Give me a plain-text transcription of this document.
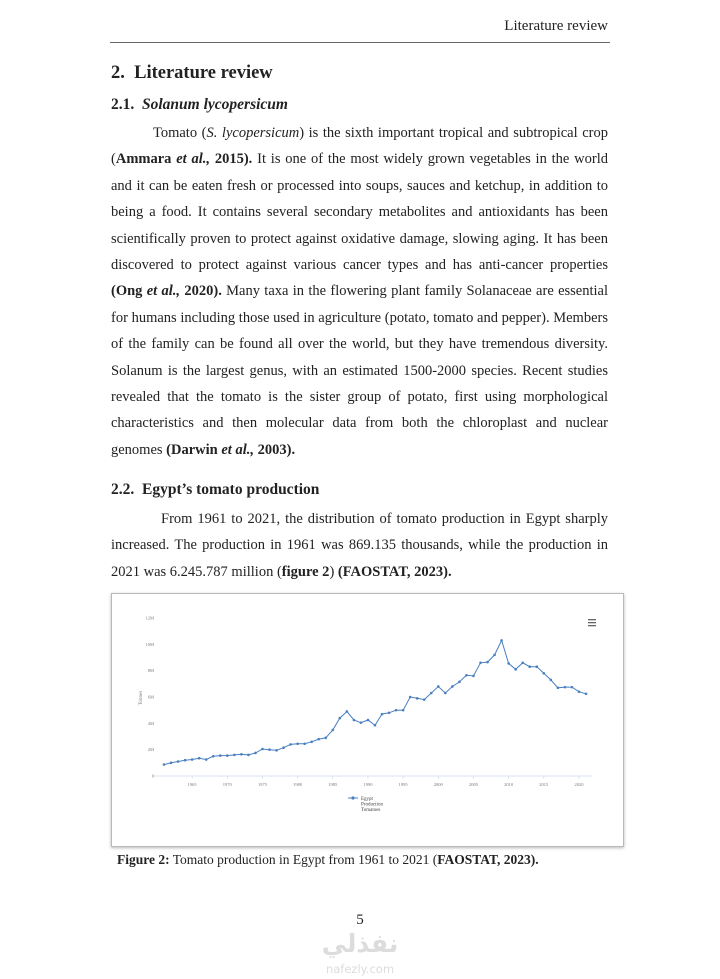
Literature review
2. Literature review
2.1. Solanum lycopersicum
Tomato (S. lycopersicum) is the sixth important tropical and subtropical crop (Ammara et al., 2015). It is one of the most widely grown vegetables in the world and it can be eaten fresh or processed into soups, sauces and ketchup, in addition to being a food. It contains several secondary metabolites and antioxidants has been scientifically proven to protect against oxidative damage, slowing aging. It has been discovered to protect against various cancer types and has anti-cancer properties (Ong et al., 2020). Many taxa in the flowering plant family Solanaceae are essential for humans including those used in agriculture (potato, tomato and pepper). Members of the family can be found all over the world, but they have tremendous diversity. Solanum is the largest genus, with an estimated 1500-2000 species. Recent studies revealed that the tomato is the sister group of potato, first using morphological characteristics and then molecular data from both the chloroplast and nuclear genomes (Darwin et al., 2003).
2.2. Egypt’s tomato production
From 1961 to 2021, the distribution of tomato production in Egypt sharply increased. The production in 1961 was 869.135 thousands, while the production in 2021 was 6.245.787 million (figure 2) (FAOSTAT, 2023).
0
2M
4M
6M
8M
10M
12M
1965	1970	1975	1980	1985	1990	1995	2000	2005	2010	2015	2020
Tonnes
Egypt Production Tomatoes
Figure 2: Tomato production in Egypt from 1961 to 2021 (FAOSTAT, 2023).
5
نفذلي
nafezly.com
